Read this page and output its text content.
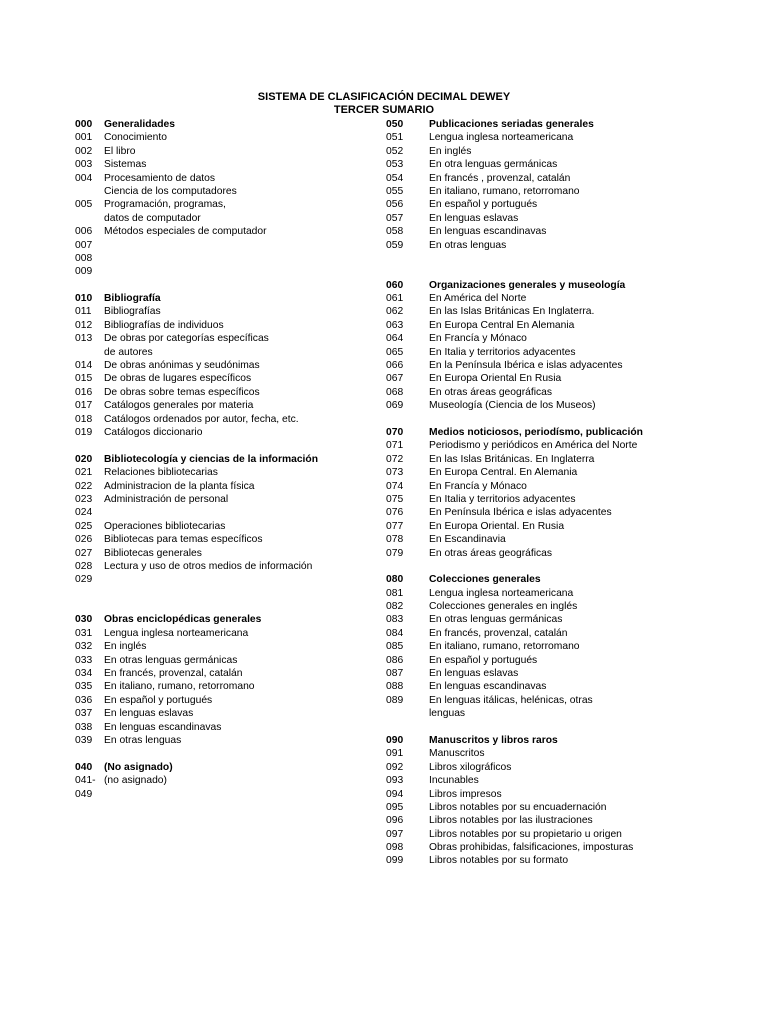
SISTEMA DE CLASIFICACIÓN DECIMAL DEWEY
TERCER SUMARIO
000 Generalidades
001 Conocimiento
002 El libro
003 Sistemas
004 Procesamiento de datos
Ciencia de los computadores
005 Programación, programas,
datos de computador
006 Métodos especiales de computador
007
008
009
010 Bibliografía
011 Bibliografías
012 Bibliografías de individuos
013 De obras por categorías específicas
de autores
014 De obras anónimas y seudónimas
015 De obras de lugares específicos
016 De obras sobre temas específicos
017 Catálogos generales por materia
018 Catálogos ordenados por autor, fecha, etc.
019 Catálogos diccionario
020 Bibliotecología y ciencias de la información
021 Relaciones bibliotecarias
022 Administracion de la planta física
023 Administración de personal
024
025 Operaciones bibliotecarias
026 Bibliotecas para temas específicos
027 Bibliotecas generales
028 Lectura y uso de otros medios de información
029
030 Obras enciclopédicas generales
031 Lengua inglesa norteamericana
032 En inglés
033 En otras lenguas germánicas
034 En francés, provenzal, catalán
035 En italiano, rumano, retorromano
036 En español y portugués
037 En lenguas eslavas
038 En lenguas escandinavas
039 En otras lenguas
040 (No asignado)
041- (no asignado)
049
050	Publicaciones seriadas generales
051	Lengua inglesa norteamericana
052	En inglés
053	En otra lenguas germánicas
054	En francés , provenzal, catalán
055	En italiano, rumano, retorromano
056	En español y portugués
057	En lenguas eslavas
058	En lenguas escandinavas
059	En otras lenguas
060	Organizaciones generales y museología
061	En América del Norte
062	En las Islas Británicas En Inglaterra.
063	En Europa Central En Alemania
064	En Francía y Mónaco
065	En Italia y territorios adyacentes
066	En la Península Ibérica e islas adyacentes
067	En Europa Oriental En Rusia
068	En otras áreas geográficas
069	Museología (Ciencia de los Museos)
070	Medios noticiosos, periodísmo, publicación
071	Periodismo y periódicos en América del Norte
072	En las Islas Británicas. En Inglaterra
073	En Europa Central. En Alemania
074	En Francía y Mónaco
075	En Italia y territorios adyacentes
076	En Península Ibérica e islas adyacentes
077	En Europa Oriental. En Rusia
078	En Escandinavia
079	En otras áreas geográficas
080	Colecciones generales
081	Lengua inglesa norteamericana
082	Colecciones generales en inglés
083	En otras lenguas germánicas
084	En francés, provenzal, catalán
085	En italiano, rumano, retorromano
086	En español y portugués
087	En lenguas eslavas
088	En lenguas escandinavas
089	En lenguas itálicas, helénicas, otras
lenguas
090	Manuscritos y libros raros
091	Manuscritos
092	Libros xilográficos
093	Incunables
094	Libros impresos
095	Libros notables por su encuadernación
096	Libros notables por las ilustraciones
097	Libros notables por su propietario u origen
098	Obras prohibidas, falsificaciones, imposturas
099	Libros notables por su formato
